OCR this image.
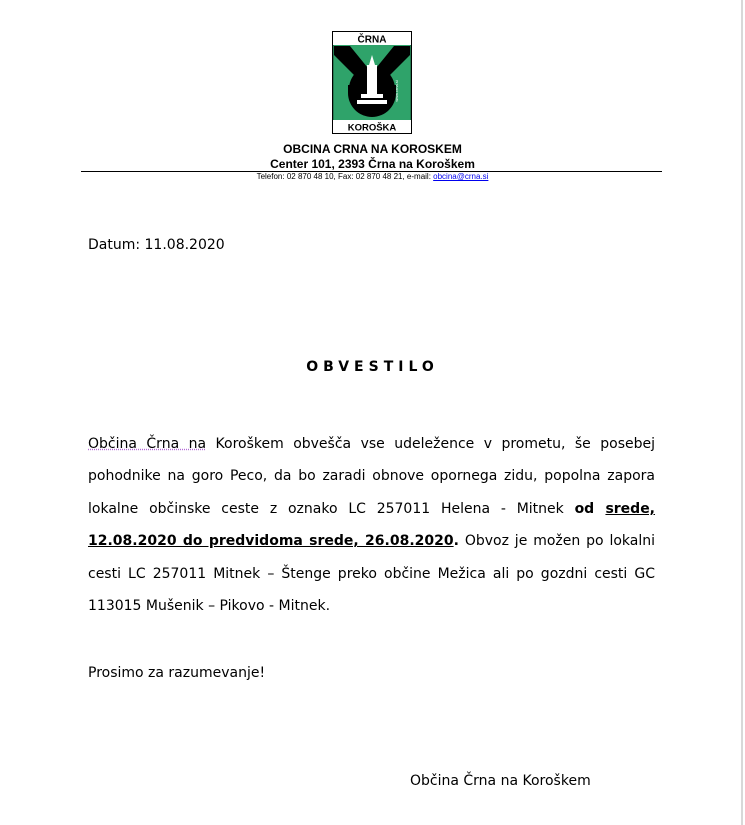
ČRNA
KOROŠKA
www.crna.si
OBCINA CRNA NA KOROSKEM
Center 101, 2393 Črna na Koroškem
Telefon: 02 870 48 10, Fax: 02 870 48 21, e-mail: obcina@crna.si
Datum: 11.08.2020
OBVESTILO
Občina Črna na Koroškem obvešča vse udeležence v prometu, še posebej pohodnike na goro Peco, da bo zaradi obnove opornega zidu, popolna zapora lokalne občinske ceste z oznako LC 257011 Helena - Mitnek od srede, 12.08.2020 do predvidoma srede, 26.08.2020. Obvoz je možen po lokalni cesti LC 257011 Mitnek – Štenge preko občine Mežica ali po gozdni cesti GC 113015 Mušenik – Pikovo - Mitnek.
Prosimo za razumevanje!
Občina Črna na Koroškem
